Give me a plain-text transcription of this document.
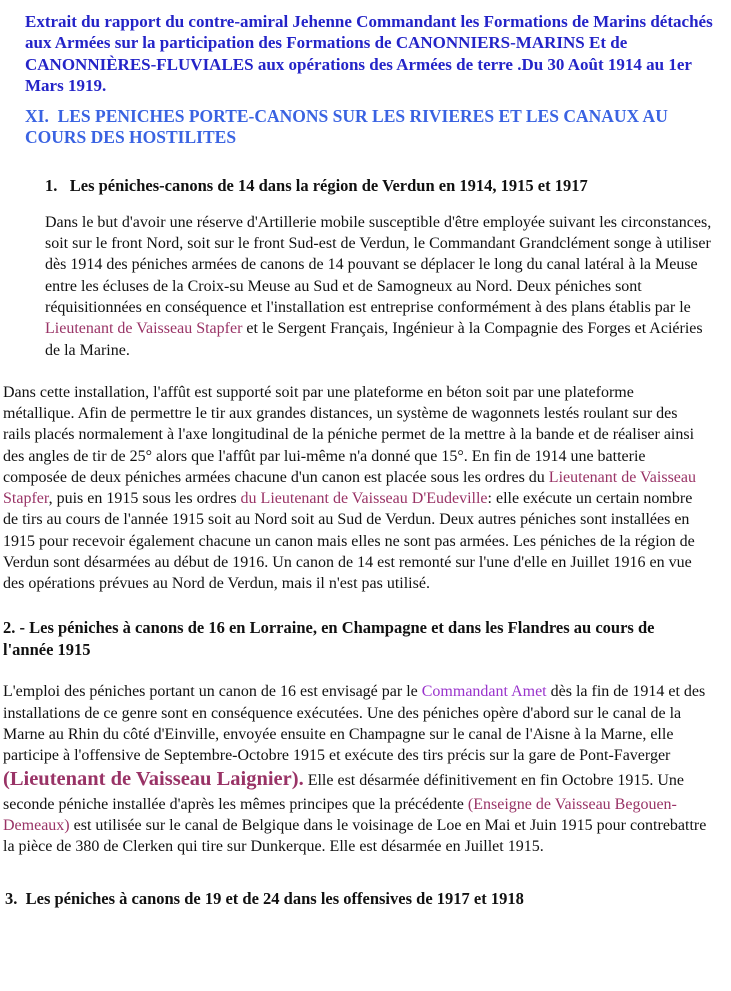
Extrait du rapport du contre-amiral Jehenne Commandant les Formations de Marins détachés aux Armées sur la participation des Formations de CANONNIERS-MARINS Et de CANONNIÈRES-FLUVIALES aux opérations des Armées de terre .Du 30 Août 1914 au 1er Mars 1919.

XI.  LES PENICHES PORTE-CANONS SUR LES RIVIERES ET LES CANAUX AU COURS DES HOSTILITES

1.   Les péniches-canons de 14 dans la région de Verdun en 1914, 1915 et 1917

Dans le but d'avoir une réserve d'Artillerie mobile susceptible d'être employée suivant les circonstances, soit sur le front Nord, soit sur le front Sud-est de Verdun, le Commandant Grandclément songe à utiliser dès 1914 des péniches armées de canons de 14 pouvant se déplacer le long du canal latéral à la Meuse entre les écluses de la Croix-su Meuse au Sud et de Samogneux au Nord. Deux péniches sont réquisitionnées en conséquence et l'installation est entreprise conformément à des plans établis par le Lieutenant de Vaisseau Stapfer et le Sergent Français, Ingénieur à la Compagnie des Forges et Aciéries de la Marine.

Dans cette installation, l'affût est supporté soit par une plateforme en béton soit par une plateforme métallique. Afin de permettre le tir aux grandes distances, un système de wagonnets lestés roulant sur des rails placés normalement à l'axe longitudinal de la péniche permet de la mettre à la bande et de réaliser ainsi des angles de tir de 25° alors que l'affût par lui-même n'a donné que 15°. En fin de 1914 une batterie composée de deux péniches armées chacune d'un canon est placée sous les ordres du Lieutenant de Vaisseau Stapfer, puis en 1915 sous les ordres du Lieutenant de Vaisseau D'Eudeville: elle exécute un certain nombre de tirs au cours de l'année 1915 soit au Nord soit au Sud de Verdun. Deux autres péniches sont installées en 1915 pour recevoir également chacune un canon mais elles ne sont pas armées. Les péniches de la région de Verdun sont désarmées au début de 1916. Un canon de 14 est remonté sur l'une d'elle en Juillet 1916 en vue des opérations prévues au Nord de Verdun, mais il n'est pas utilisé.

2. - Les péniches à canons de 16 en Lorraine, en Champagne et dans les Flandres au cours de l'année 1915

L'emploi des péniches portant un canon de 16 est envisagé par le Commandant Amet dès la fin de 1914 et des installations de ce genre sont en conséquence exécutées. Une des péniches opère d'abord sur le canal de la Marne au Rhin du côté d'Einville, envoyée ensuite en Champagne sur le canal de l'Aisne à la Marne, elle participe à l'offensive de Septembre-Octobre 1915 et exécute des tirs précis sur la gare de Pont-Faverger (Lieutenant de Vaisseau Laignier). Elle est désarmée définitivement en fin Octobre 1915. Une seconde péniche installée d'après les mêmes principes que la précédente (Enseigne de Vaisseau Begouen-Demeaux) est utilisée sur le canal de Belgique dans le voisinage de Loe en Mai et Juin 1915 pour contrebattre la pièce de 380 de Clerken qui tire sur Dunkerque. Elle est désarmée en Juillet 1915.

3.  Les péniches à canons de 19 et de 24 dans les offensives de 1917 et 1918
